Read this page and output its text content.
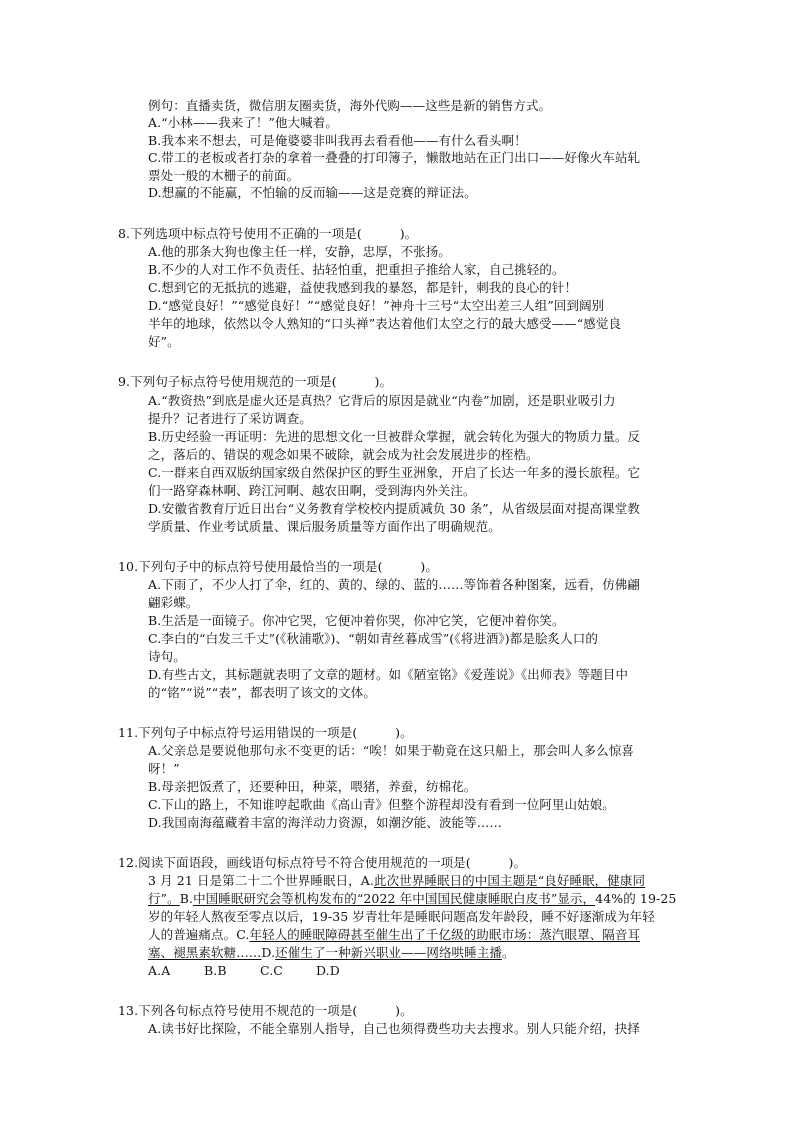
例句：直播卖货，微信朋友圈卖货，海外代购——这些是新的销售方式。
A.“小林——我来了！”他大喊着。
B.我本来不想去，可是俺婆婆非叫我再去看看他——有什么看头啊！
C.带工的老板或者打杂的拿着一叠叠的打印簿子，懒散地站在正门出口——好像火车站轧
票处一般的木栅子的前面。
D.想赢的不能赢，不怕输的反而输——这是竞赛的辩证法。
8.下列选项中标点符号使用不正确的一项是(　　　)。
A.他的那条大狗也像主任一样，安静，忠厚，不张扬。
B.不少的人对工作不负责任、拈轻怕重，把重担子推给人家，自己挑轻的。
C.想到它的无抵抗的逃避，益使我感到我的暴怒，都是针，刺我的良心的针！
D.“感觉良好！”“感觉良好！”“感觉良好！”神舟十三号“太空出差三人组”回到阔别
半年的地球，依然以令人熟知的“口头禅”表达着他们太空之行的最大感受——“感觉良
好”。
9.下列句子标点符号使用规范的一项是(　　　)。
A.“教资热”到底是虚火还是真热？它背后的原因是就业“内卷”加剧，还是职业吸引力
提升？记者进行了采访调查。
B.历史经验一再证明：先进的思想文化一旦被群众掌握，就会转化为强大的物质力量。反
之，落后的、错误的观念如果不破除，就会成为社会发展进步的桎梏。
C.一群来自西双版纳国家级自然保护区的野生亚洲象，开启了长达一年多的漫长旅程。它
们一路穿森林啊、跨江河啊、越农田啊，受到海内外关注。
D.安徽省教育厅近日出台“义务教育学校校内提质减负 30 条”，从省级层面对提高课堂教
学质量、作业考试质量、课后服务质量等方面作出了明确规范。
10.下列句子中的标点符号使用最恰当的一项是(　　　)。
A.下雨了，不少人打了伞，红的、黄的、绿的、蓝的……等饰着各种图案，远看，仿佛翩
翩彩蝶。
B.生活是一面镜子。你冲它哭，它便冲着你哭，你冲它笑，它便冲着你笑。
C.李白的“白发三千丈”(《秋浦歌》)、“朝如青丝暮成雪”(《将进酒》)都是脍炙人口的
诗句。
D.有些古文，其标题就表明了文章的题材。如《陋室铭》《爱莲说》《出师表》等题目中
的“铭”“说”“表”，都表明了该文的文体。
11.下列句子中标点符号运用错误的一项是(　　　)。
A.父亲总是要说他那句永不变更的话：“唉！如果于勒竟在这只船上，那会叫人多么惊喜
呀！”
B.母亲把饭煮了，还要种田，种菜，喂猪，养蚕，纺棉花。
C.下山的路上，不知谁哼起歌曲《高山青》但整个游程却没有看到一位阿里山姑娘。
D.我国南海蕴藏着丰富的海洋动力资源，如潮汐能、波能等……
12.阅读下面语段，画线语句标点符号不符合使用规范的一项是(　　　)。
3 月 21 日是第二十二个世界睡眠日，A.此次世界睡眠日的中国主题是“良好睡眠，健康同
行”。B.中国睡眠研究会等机构发布的“2022 年中国国民健康睡眠白皮书”显示，44%的 19-25
岁的年轻人熬夜至零点以后，19-35 岁青壮年是睡眠问题高发年龄段，睡不好逐渐成为年轻
人的普遍痛点。C.年轻人的睡眠障碍甚至催生出了千亿级的助眠市场：蒸汽眼罩、隔音耳
塞、褪黑素软糖……D.还催生了一种新兴职业——网络哄睡主播。
A.A	B.B	C.C	D.D
13.下列各句标点符号使用不规范的一项是(　　　)。
A.读书好比探险，不能全靠别人指导，自己也须得费些功夫去搜求。别人只能介绍，抉择
